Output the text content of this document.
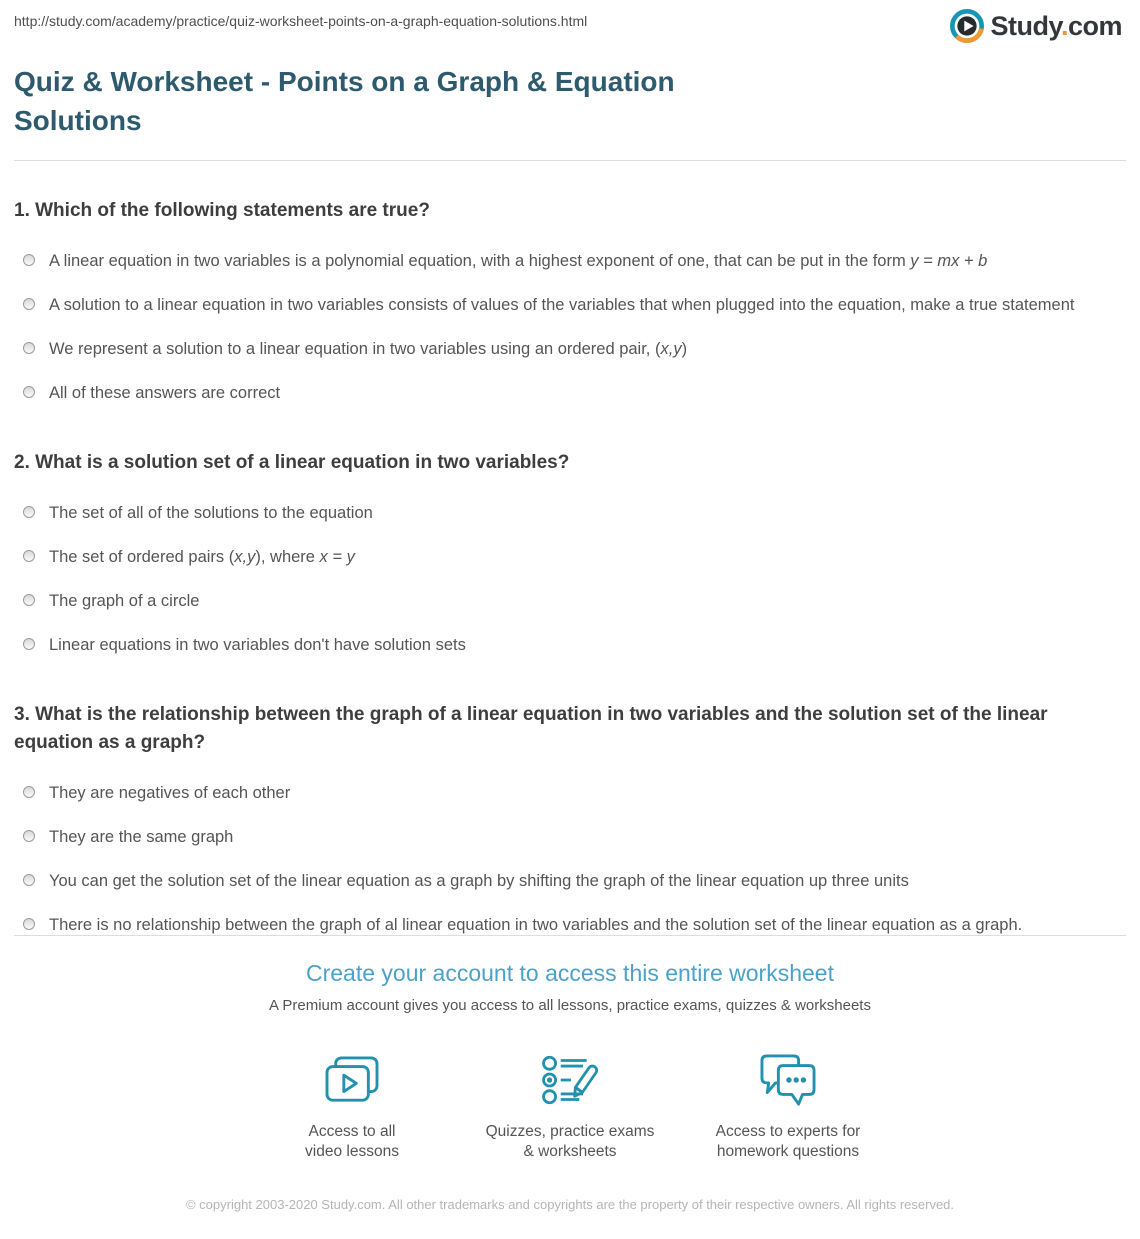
http://study.com/academy/practice/quiz-worksheet-points-on-a-graph-equation-solutions.html	Study.com
Quiz & Worksheet - Points on a Graph & Equation Solutions
1. Which of the following statements are true?
A linear equation in two variables is a polynomial equation, with a highest exponent of one, that can be put in the form y = mx + b
A solution to a linear equation in two variables consists of values of the variables that when plugged into the equation, make a true statement
We represent a solution to a linear equation in two variables using an ordered pair, (x,y)
All of these answers are correct
2. What is a solution set of a linear equation in two variables?
The set of all of the solutions to the equation
The set of ordered pairs (x,y), where x = y
The graph of a circle
Linear equations in two variables don't have solution sets
3. What is the relationship between the graph of a linear equation in two variables and the solution set of the linear equation as a graph?
They are negatives of each other
They are the same graph
You can get the solution set of the linear equation as a graph by shifting the graph of the linear equation up three units
There is no relationship between the graph of al linear equation in two variables and the solution set of the linear equation as a graph.
Create your account to access this entire worksheet

A Premium account gives you access to all lessons, practice exams, quizzes & worksheets

Access to all
video lessons
Quizzes, practice exams
& worksheets
Access to experts for
homework questions

© copyright 2003-2020 Study.com. All other trademarks and copyrights are the property of their respective owners. All rights reserved.
